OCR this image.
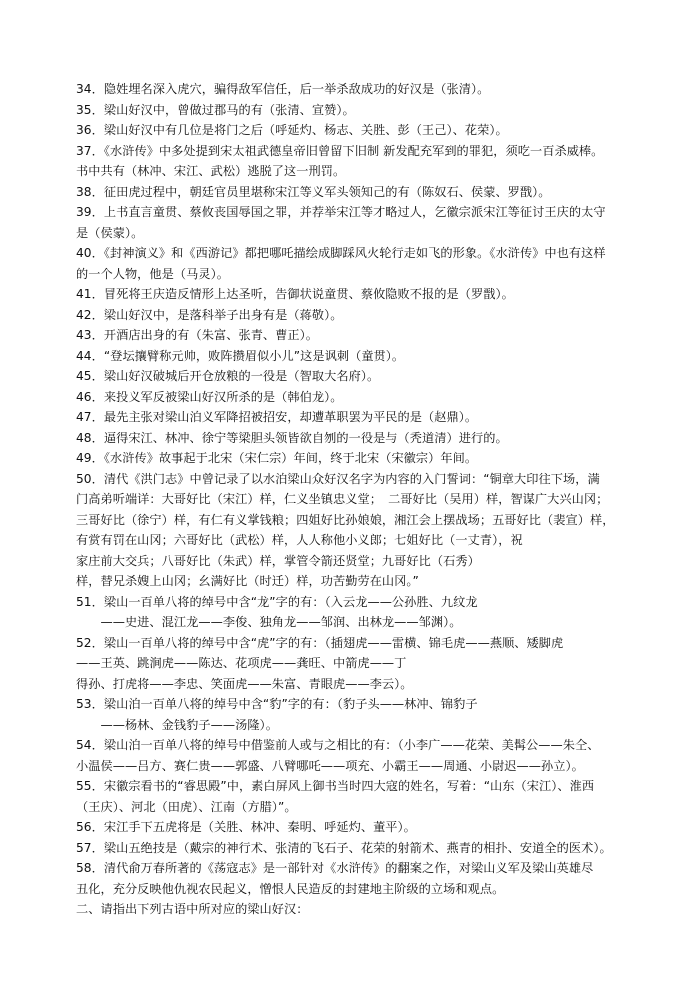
34．隐姓埋名深入虎穴，骗得敌军信任，后一举杀敌成功的好汉是（张清）。
35．梁山好汉中，曾做过郡马的有（张清、宣赞）。
36．梁山好汉中有几位是将门之后（呼延灼、杨志、关胜、彭（王己）、花荣）。
37．《水浒传》中多处提到宋太祖武德皇帝旧曾留下旧制 新发配充军到的罪犯，须吃一百杀威棒。
书中共有（林冲、宋江、武松）逃脱了这一刑罚。
38．征田虎过程中，朝廷官员里堪称宋江等义军头领知己的有（陈奴石、侯蒙、罗戬）。
39．上书直言童贯、蔡攸丧国辱国之罪，并荐举宋江等才略过人，乞徽宗派宋江等征讨王庆的太守
是（侯蒙）。
40．《封神演义》和《西游记》都把哪吒描绘成脚踩风火轮行走如飞的形象。《水浒传》中也有这样
的一个人物，他是（马灵）。
41．冒死将王庆造反情形上达圣听，告御状说童贯、蔡攸隐败不报的是（罗戬）。
42．梁山好汉中，是落科举子出身有是（蒋敬）。
43．开酒店出身的有（朱富、张青、曹正）。
44．“登坛攘臂称元帅，败阵攒眉似小儿”这是讽刺（童贯）。
45．梁山好汉破城后开仓放粮的一役是（智取大名府）。
46．来投义军反被梁山好汉所杀的是（韩伯龙）。
47．最先主张对梁山泊义军降招被招安，却遭革职罢为平民的是（赵鼎）。
48．逼得宋江、林冲、徐宁等梁胆头领皆欲自刎的一役是与（秃道清）进行的。
49．《水浒传》故事起于北宋（宋仁宗）年间，终于北宋（宋徽宗）年间。
50．清代《洪门志》中曾记录了以水泊梁山众好汉名字为内容的入门誓词：“铜章大印往下场，满
门高弟听端详：大哥好比（宋江）样，仁义坐镇忠义堂；　二哥好比（吴用）样，智谋广大兴山冈；
三哥好比（徐宁）样，有仁有义掌钱粮；四姐好比孙娘娘，湘江会上摆战场；五哥好比（裴宣）样，
有赏有罚在山冈；六哥好比（武松）样，人人称他小义郎；七姐好比（一丈青），祝
家庄前大交兵；八哥好比（朱武）样，掌管令箭还贤堂；九哥好比（石秀）
样，替兄杀嫂上山冈；幺满好比（时迁）样，功苦勤劳在山冈。”
51．梁山一百单八将的绰号中含“龙”字的有：（入云龙——公孙胜、九纹龙
　　——史进、混江龙——李俊、独角龙——邹润、出林龙——邹渊）。
52．梁山一百单八将的绰号中含“虎”字的有：（插翅虎——雷横、锦毛虎——燕顺、矮脚虎
——王英、跳涧虎——陈达、花项虎——龚旺、中箭虎——丁
得孙、打虎将——李忠、笑面虎——朱富、青眼虎——李云）。
53．梁山泊一百单八将的绰号中含“豹”字的有：（豹子头——林冲、锦豹子
　　——杨林、金钱豹子——汤隆）。
54．梁山泊一百单八将的绰号中借鉴前人或与之相比的有：（小李广——花荣、美髯公——朱仝、
小温侯——吕方、赛仁贵——郭盛、八臂哪吒——项充、小霸王——周通、小尉迟——孙立）。
55．宋徽宗看书的“睿思殿”中，素白屏风上御书当时四大寇的姓名，写着：“山东（宋江）、淮西
（王庆）、河北（田虎）、江南（方腊）”。
56．宋江手下五虎将是（关胜、林冲、秦明、呼延灼、董平）。
57．梁山五绝技是（戴宗的神行术、张清的飞石子、花荣的射箭术、燕青的相扑、安道全的医术）。
58．清代俞万春所著的《荡寇志》是一部针对《水浒传》的翻案之作，对梁山义军及梁山英雄尽
丑化，充分反映他仇视农民起义，憎恨人民造反的封建地主阶级的立场和观点。
二、请指出下列古语中所对应的梁山好汉：
